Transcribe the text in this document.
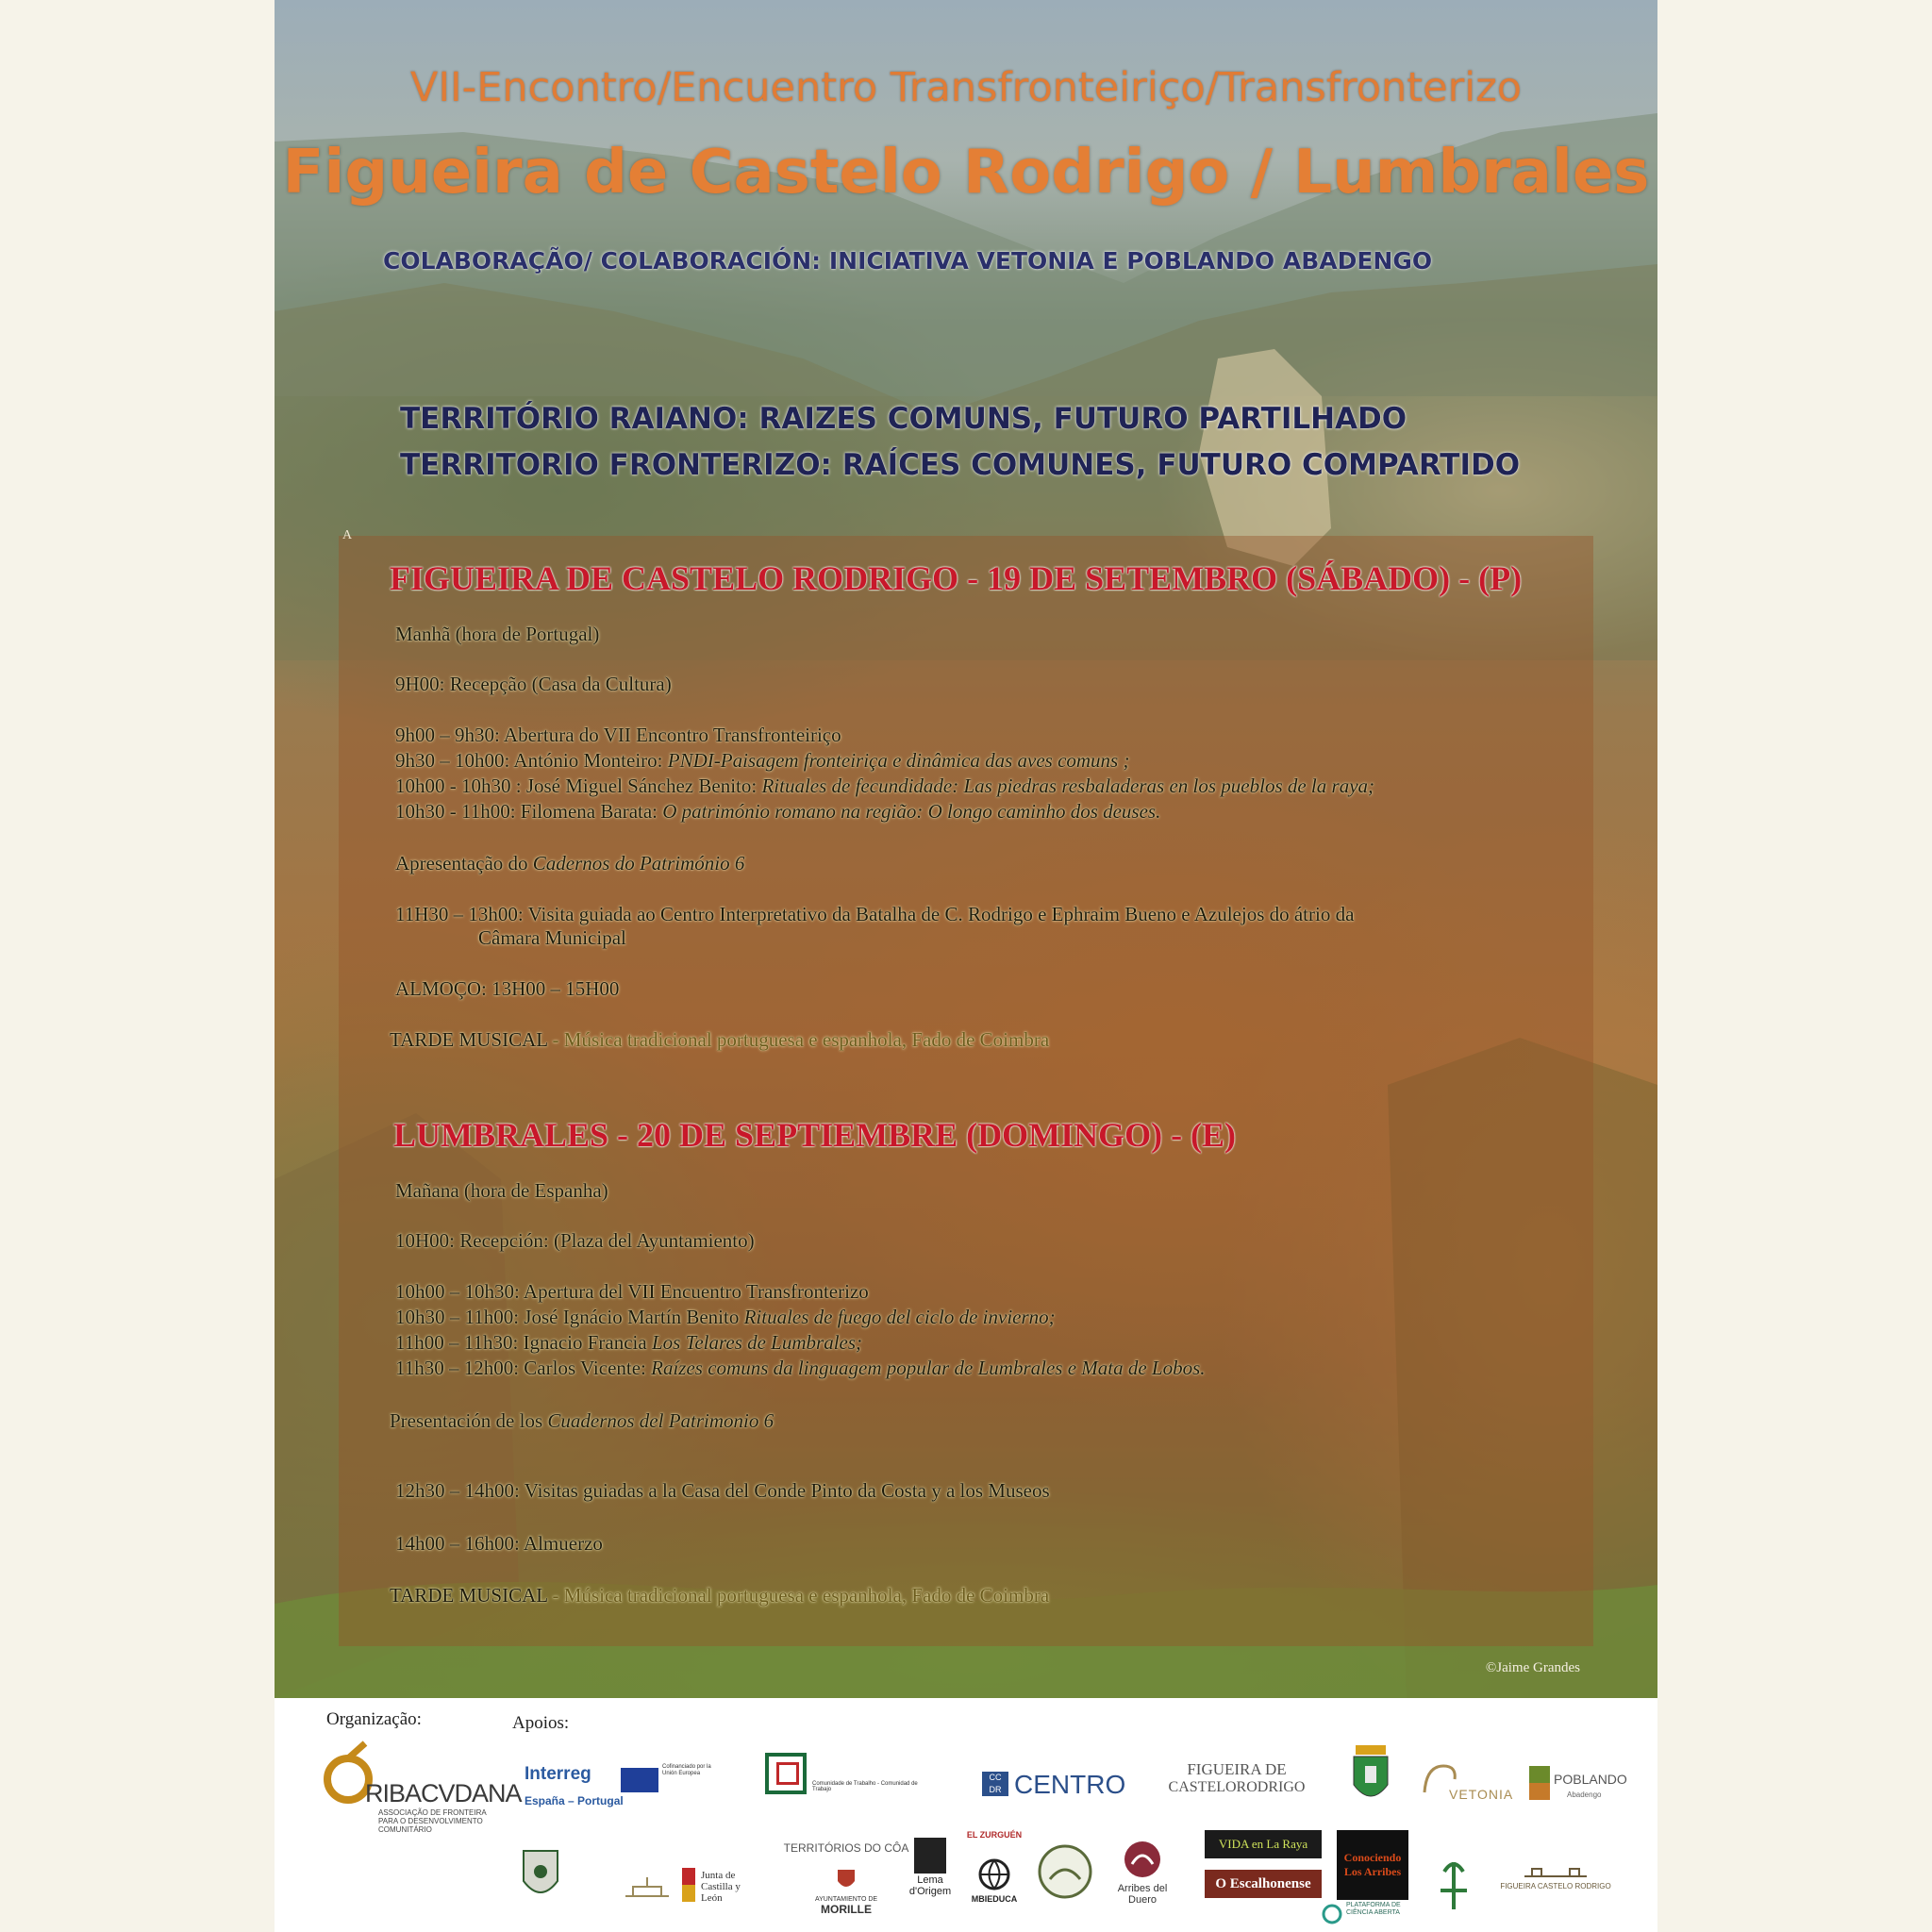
VII-Encontro/Encuentro Transfronteiriço/Transfronterizo
Figueira de Castelo Rodrigo / Lumbrales
COLABORAÇÃO/ COLABORACIÓN: INICIATIVA VETONIA E POBLANDO ABADENGO
TERRITÓRIO RAIANO: RAIZES COMUNS, FUTURO PARTILHADO
TERRITORIO FRONTERIZO: RAÍCES COMUNES, FUTURO COMPARTIDO
A
FIGUEIRA DE CASTELO RODRIGO - 19 DE SETEMBRO (SÁBADO) - (P)
Manhã (hora de Portugal)
9H00: Recepção (Casa da Cultura)
9h00 – 9h30: Abertura do VII Encontro Transfronteiriço
9h30 – 10h00: António Monteiro: PNDI-Paisagem fronteiriça e dinâmica das aves comuns ;
10h00 - 10h30 : José Miguel Sánchez Benito: Rituales de fecundidade: Las piedras resbaladeras en los pueblos de la raya;
10h30 - 11h00: Filomena Barata: O património romano na região: O longo caminho dos deuses.
Apresentação do Cadernos do Património 6
11H30 – 13h00: Visita guiada ao Centro Interpretativo da Batalha de C. Rodrigo e Ephraim Bueno e Azulejos do átrio da
Câmara Municipal
ALMOÇO: 13H00 – 15H00
TARDE MUSICAL - Música tradicional portuguesa e espanhola, Fado de Coimbra
LUMBRALES - 20 DE SEPTIEMBRE (DOMINGO) - (E)
Mañana (hora de Espanha)
10H00: Recepción: (Plaza del Ayuntamiento)
10h00 – 10h30: Apertura del VII Encuentro Transfronterizo
10h30 – 11h00: José Ignácio Martín Benito Rituales de fuego del ciclo de invierno;
11h00 – 11h30: Ignacio Francia Los Telares de Lumbrales;
11h30 – 12h00: Carlos Vicente: Raízes comuns da linguagem popular de Lumbrales e Mata de Lobos.
Presentación de los Cuadernos del Patrimonio 6
12h30 – 14h00: Visitas guiadas a la Casa del Conde Pinto da Costa y a los Museos
14h00 – 16h00: Almuerzo
TARDE MUSICAL - Música tradicional portuguesa e espanhola, Fado de Coimbra
©Jaime Grandes
Organização:	Apoios:
RIBACVDANA
ASSOCIAÇÃO DE FRONTEIRA PARA O DESENVOLVIMENTO COMUNITÁRIO
Interreg
España – Portugal
Cofinanciado por la Unión Europea
Comunidade de Trabalho - Comunidad de Trabajo
CC DR CENTRO
FIGUEIRA DE
CASTELORODRIGO	VETONIA
POBLANDO
Abadengo
Junta de Castilla y León
TERRITÓRIOS DO CÔA
AYUNTAMIENTO DE
MORILLE
Lema d'Origem
EL ZURGUÉN
MBIEDUCA
Arribes del Duero
VIDA en La Raya
O Escalhonense
Conociendo Los Arribes
PLATAFORMA DE CIÊNCIA ABERTA
FIGUEIRA CASTELO RODRIGO
